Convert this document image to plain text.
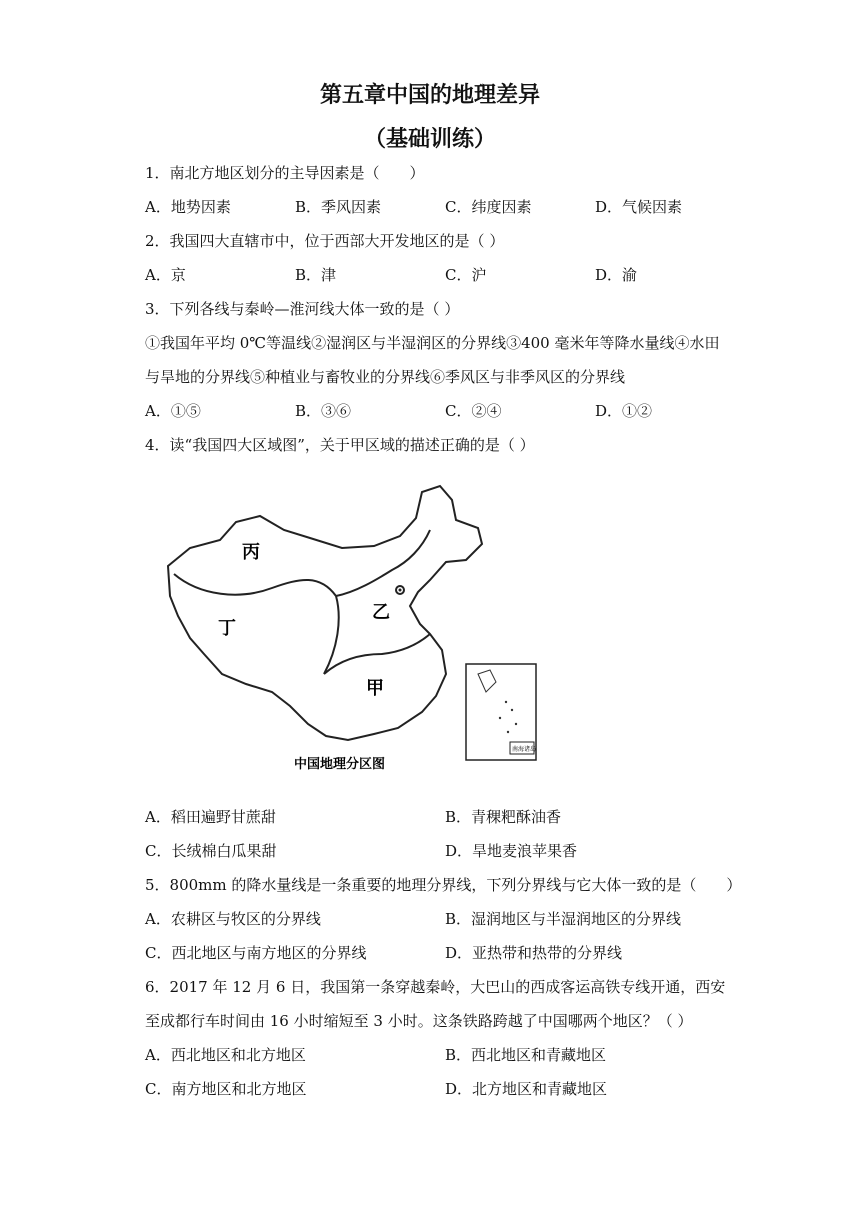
第五章中国的地理差异
（基础训练）
1．南北方地区划分的主导因素是（　　）
A．地势因素	B．季风因素	C．纬度因素	D．气候因素
2．我国四大直辖市中，位于西部大开发地区的是（ ）
A．京	B．津	C．沪	D．渝
3．下列各线与秦岭—淮河线大体一致的是（ ）
①我国年平均 0℃等温线②湿润区与半湿润区的分界线③400 毫米年等降水量线④水田
与旱地的分界线⑤种植业与畜牧业的分界线⑥季风区与非季风区的分界线
A．①⑤	B．③⑥	C．②④	D．①②
4．读“我国四大区域图”，关于甲区域的描述正确的是（ ）
丙
乙
丁
甲
南海诸岛
中国地理分区图
A．稻田遍野甘蔗甜	B．青稞粑酥油香
C．长绒棉白瓜果甜	D．旱地麦浪苹果香
5．800mm 的降水量线是一条重要的地理分界线，下列分界线与它大体一致的是（　　）
A．农耕区与牧区的分界线	B．湿润地区与半湿润地区的分界线
C．西北地区与南方地区的分界线	D．亚热带和热带的分界线
6．2017 年 12 月 6 日，我国第一条穿越秦岭，大巴山的西成客运高铁专线开通，西安
至成都行车时间由 16 小时缩短至 3 小时。这条铁路跨越了中国哪两个地区？（ ）
A．西北地区和北方地区	B．西北地区和青藏地区
C．南方地区和北方地区	D．北方地区和青藏地区
